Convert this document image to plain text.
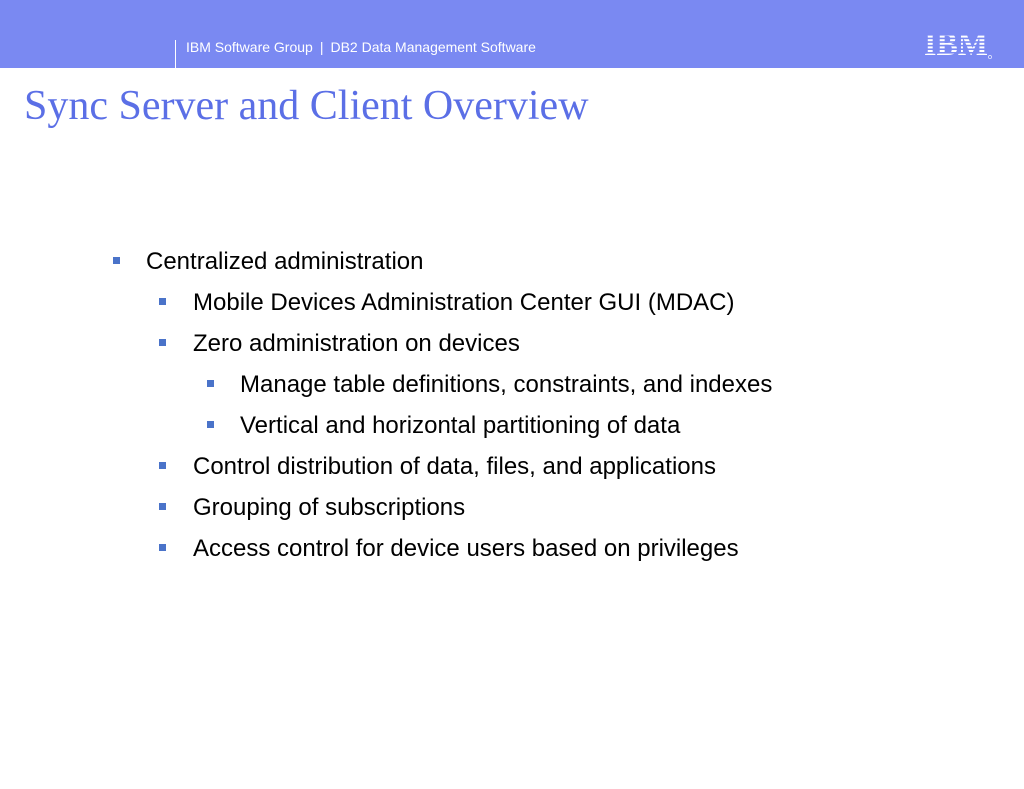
IBM Software Group | DB2 Data Management Software
Sync Server and Client Overview
Centralized administration
Mobile Devices Administration Center GUI (MDAC)
Zero administration on devices
Manage table definitions, constraints, and indexes
Vertical and horizontal partitioning of data
Control distribution of data, files, and applications
Grouping of subscriptions
Access control for device users based on privileges
